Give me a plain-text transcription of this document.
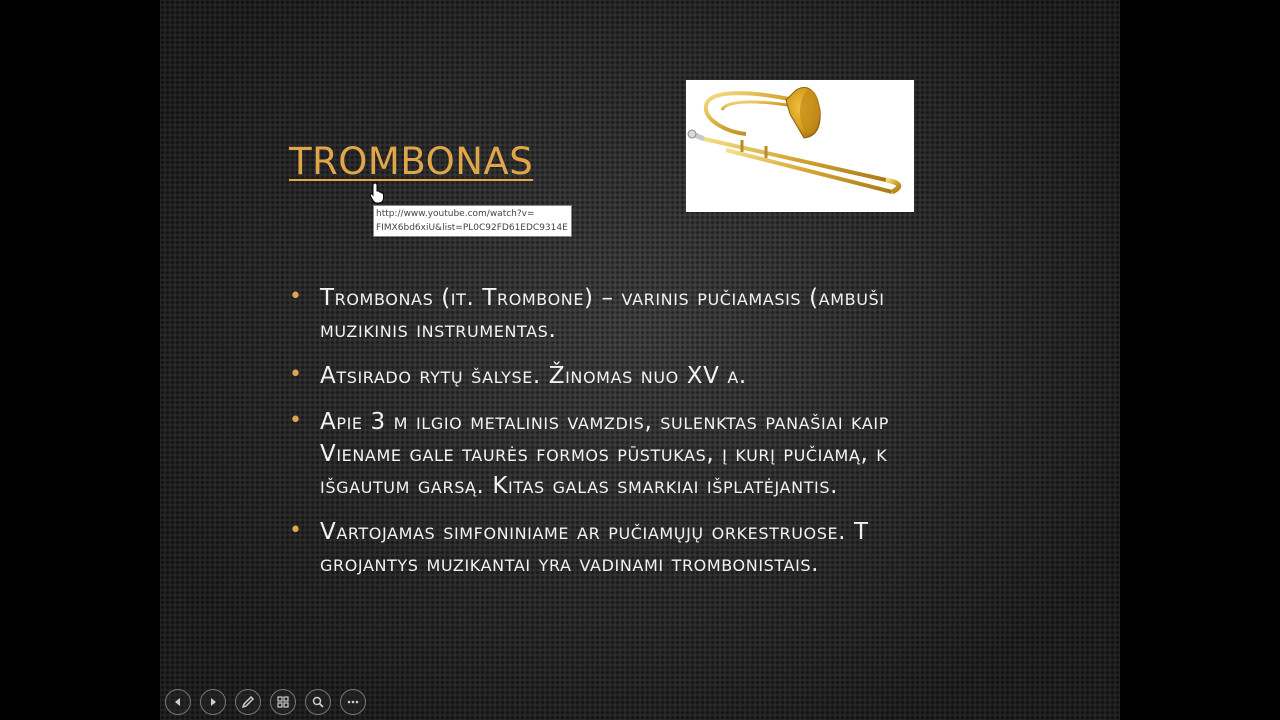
TROMBONAS
• Trombonas (it. Trombone) – varinis pučiamasis (ambuši
muzikinis instrumentas.
• Atsirado rytų šalyse. Žinomas nuo XV a.
• Apie 3 m ilgio metalinis vamzdis, sulenktas panašiai kaip
Viename gale taurės formos pūstukas, į kurį pučiamą, k
išgautum garsą. Kitas galas smarkiai išplatėjantis.
• Vartojamas simfoniniame ar pučiamųjų orkestruose. T
grojantys muzikantai yra vadinami trombonistais.
http://www.youtube.com/watch?v=
FIMX6bd6xiU&list=PL0C92FD61EDC9314E
